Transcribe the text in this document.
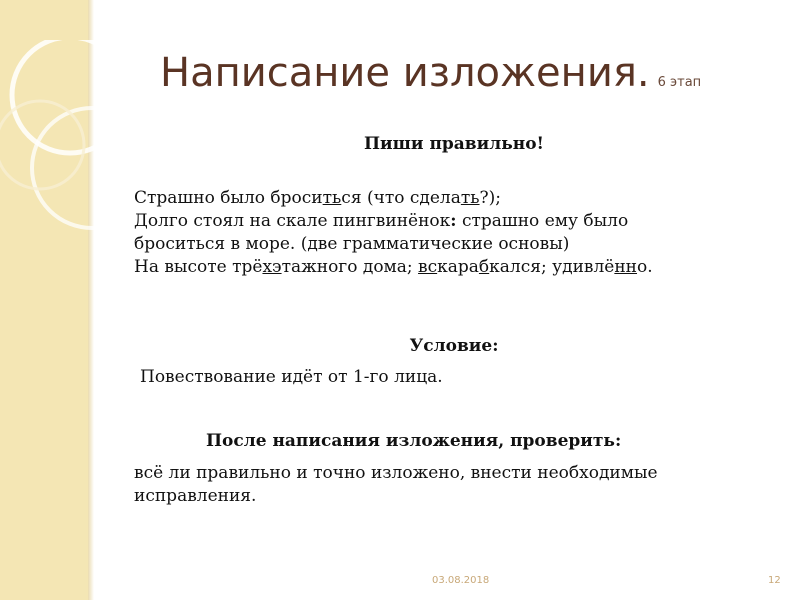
Написание изложения. 6 этап
Пиши правильно!
Страшно было броситься (что сделать?);
Долго стоял на скале пингвинёнок: страшно ему было
броситься в море. (две грамматические основы)
На высоте трёхэтажного дома; вскарабкался; удивлённо.
Условие:
Повествование идёт от 1-го лица.
После написания изложения, проверить:
всё ли правильно и точно изложено, внести необходимые
исправления.
03.08.2018	12
